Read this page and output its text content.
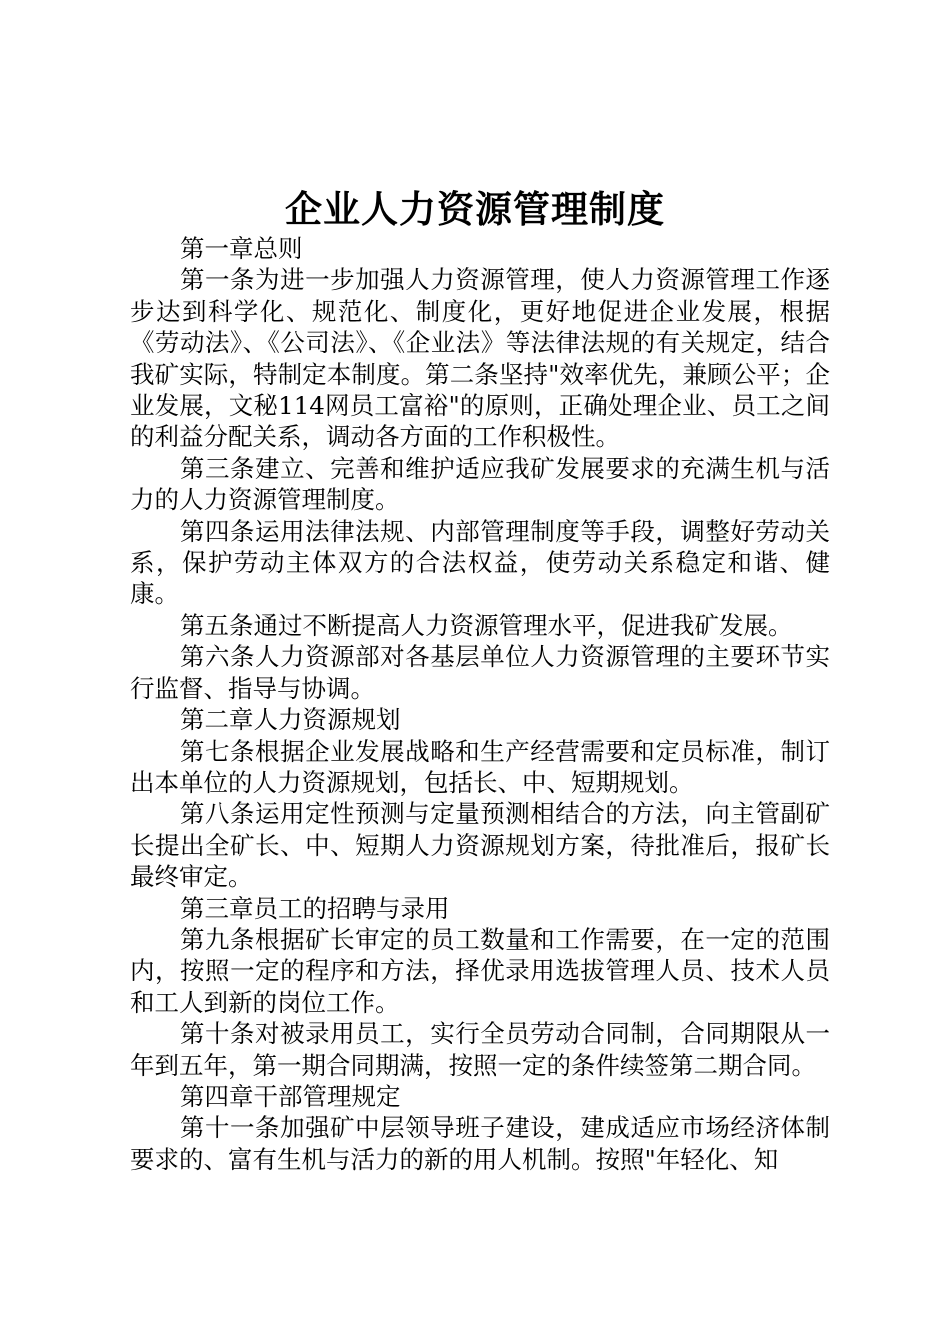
企业人力资源管理制度

第一章总则

第一条为进一步加强人力资源管理，使人力资源管理工作逐步达到科学化、规范化、制度化，更好地促进企业发展，根据《劳动法》、《公司法》、《企业法》等法律法规的有关规定，结合我矿实际，特制定本制度。第二条坚持"效率优先，兼顾公平；企业发展，文秘114网员工富裕"的原则，正确处理企业、员工之间的利益分配关系，调动各方面的工作积极性。

第三条建立、完善和维护适应我矿发展要求的充满生机与活力的人力资源管理制度。

第四条运用法律法规、内部管理制度等手段，调整好劳动关系，保护劳动主体双方的合法权益，使劳动关系稳定和谐、健康。

第五条通过不断提高人力资源管理水平，促进我矿发展。

第六条人力资源部对各基层单位人力资源管理的主要环节实行监督、指导与协调。

第二章人力资源规划

第七条根据企业发展战略和生产经营需要和定员标准，制订出本单位的人力资源规划，包括长、中、短期规划。

第八条运用定性预测与定量预测相结合的方法，向主管副矿长提出全矿长、中、短期人力资源规划方案，待批准后，报矿长最终审定。

第三章员工的招聘与录用

第九条根据矿长审定的员工数量和工作需要，在一定的范围内，按照一定的程序和方法，择优录用选拔管理人员、技术人员和工人到新的岗位工作。

第十条对被录用员工，实行全员劳动合同制，合同期限从一年到五年，第一期合同期满，按照一定的条件续签第二期合同。

第四章干部管理规定

第十一条加强矿中层领导班子建设，建成适应市场经济体制要求的、富有生机与活力的新的用人机制。按照"年轻化、知
